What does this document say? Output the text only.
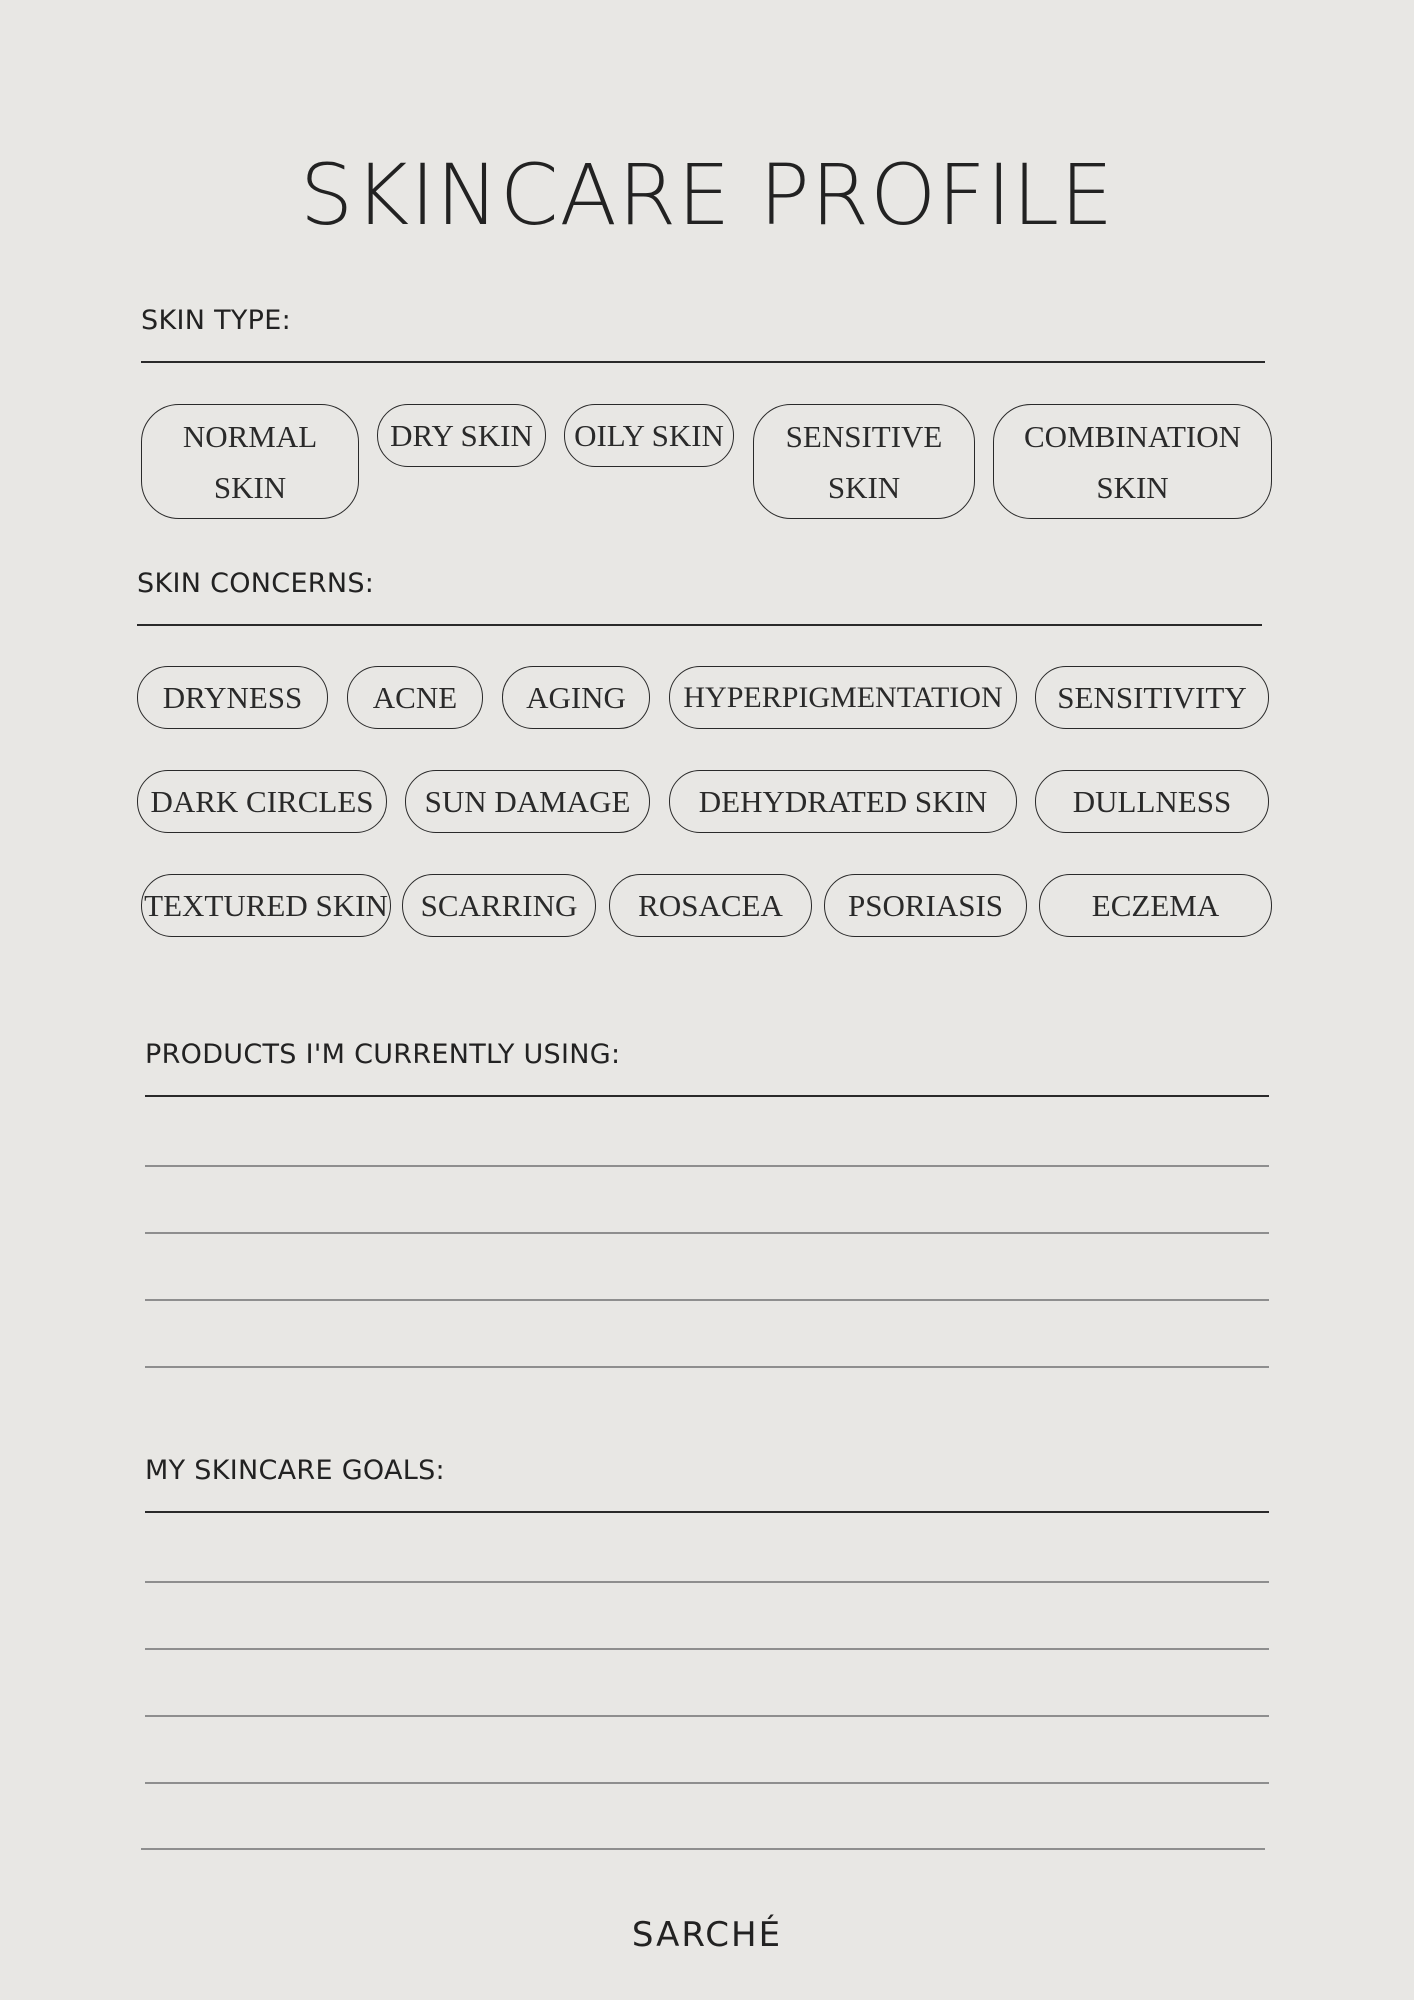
SKINCARE PROFILE
SKIN TYPE:
NORMAL SKIN
DRY SKIN	OILY SKIN	SENSITIVE SKIN
COMBINATION SKIN
SKIN CONCERNS:
DRYNESS	ACNE	AGING	HYPERPIGMENTATION	SENSITIVITY
DARK CIRCLES	SUN DAMAGE	DEHYDRATED SKIN	DULLNESS
TEXTURED SKIN	SCARRING	ROSACEA	PSORIASIS	ECZEMA
PRODUCTS I'M CURRENTLY USING:
MY SKINCARE GOALS:
SARCHÉ
